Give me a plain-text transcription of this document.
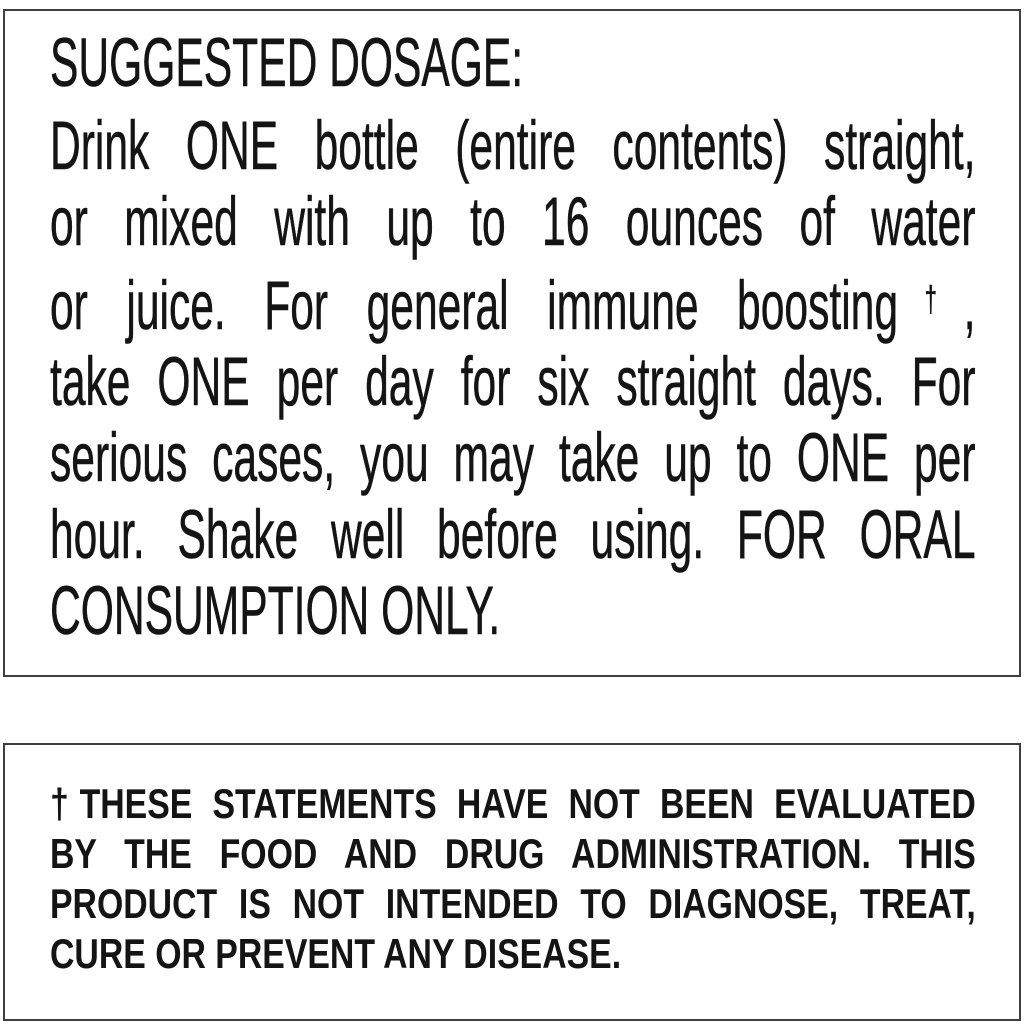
SUGGESTED DOSAGE:
Drink ONE bottle (entire contents) straight,
or mixed with up to 16 ounces of water
or juice. For general immune boosting†,
take ONE per day for six straight days. For
serious cases, you may take up to ONE per
hour. Shake well before using. FOR ORAL
CONSUMPTION ONLY.
†THESE STATEMENTS HAVE NOT BEEN EVALUATED
BY THE FOOD AND DRUG ADMINISTRATION. THIS
PRODUCT IS NOT INTENDED TO DIAGNOSE, TREAT,
CURE OR PREVENT ANY DISEASE.
